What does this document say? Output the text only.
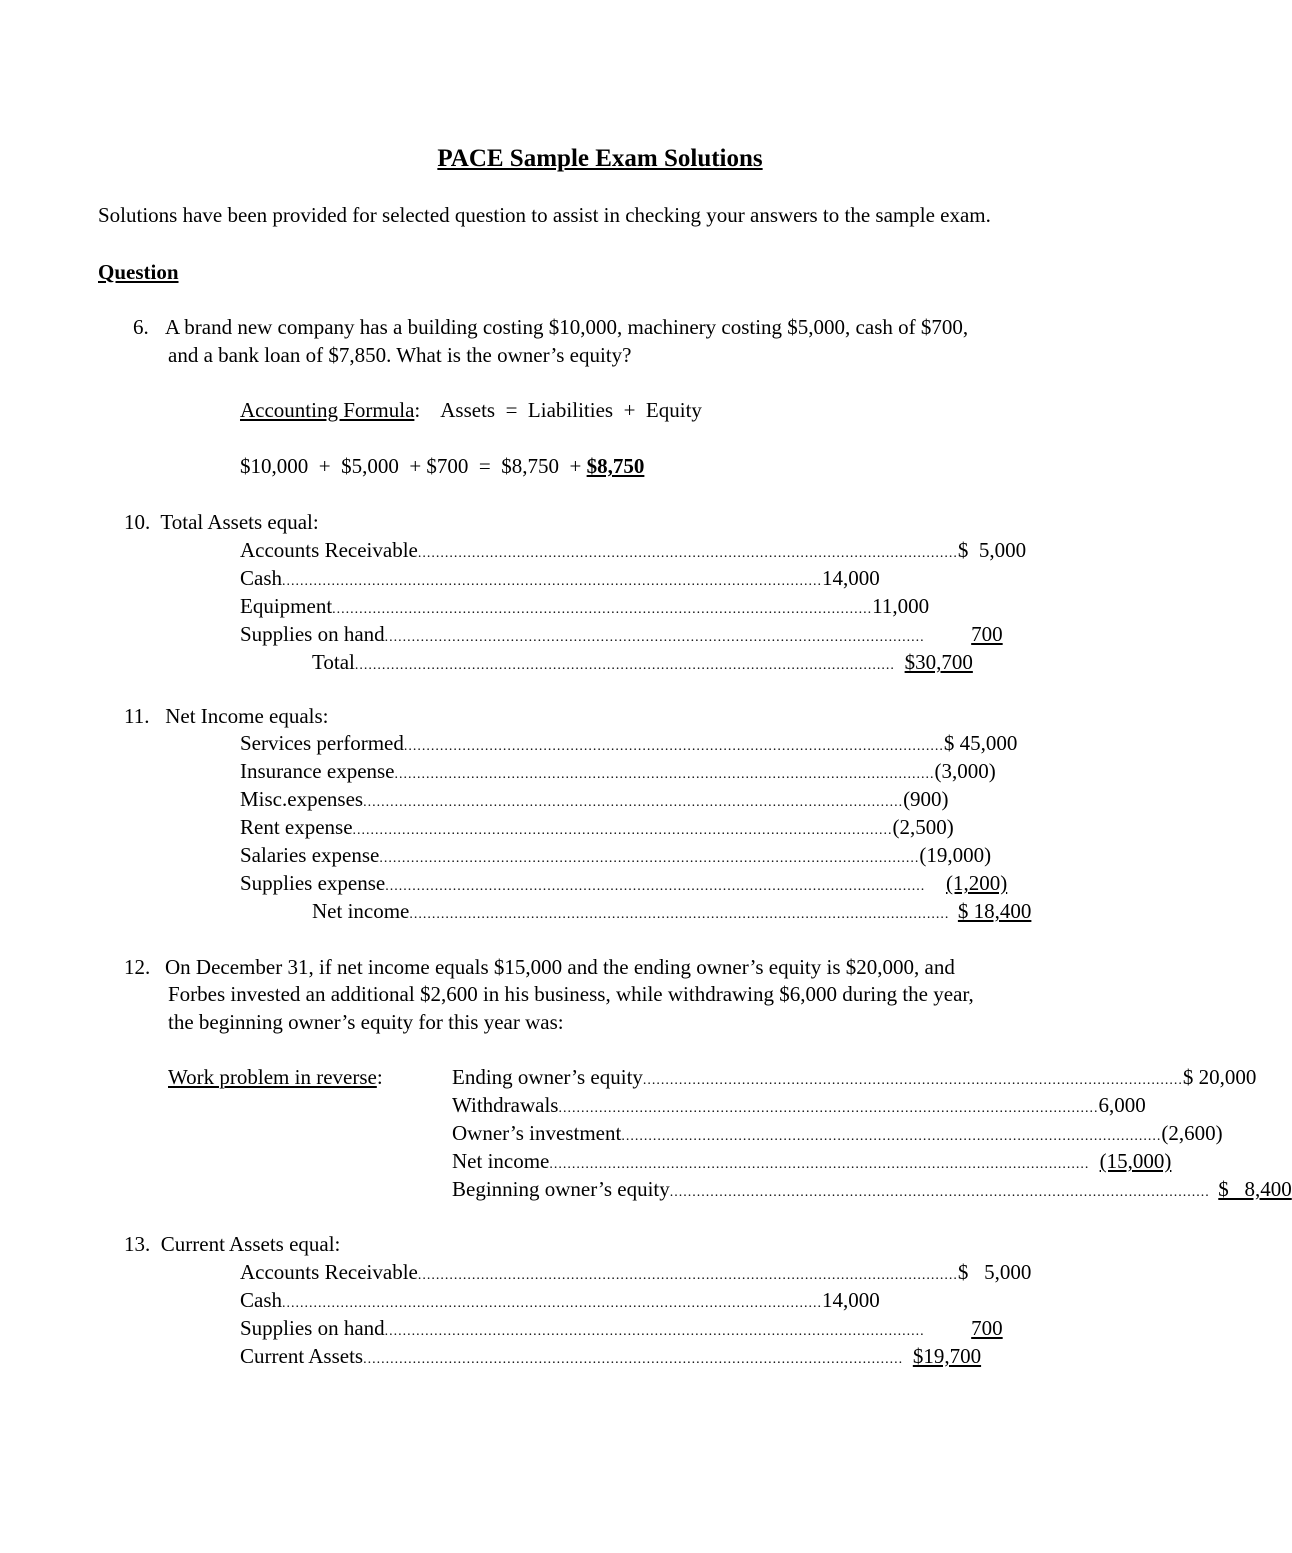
PACE Sample Exam Solutions
Solutions have been provided for selected question to assist in checking your answers to the sample exam.
Question
6. A brand new company has a building costing $10,000, machinery costing $5,000, cash of $700,
and a bank loan of $7,850. What is the owner’s equity?
Accounting Formula: Assets  =  Liabilities  +  Equity
$10,000  +  $5,000  + $700  =  $8,750  + $8,750
10.  Total Assets equal:
Accounts Receivable ........................................................................................................................ $  5,000
Cash ........................................................................................................................ 14,000
Equipment ........................................................................................................................ 11,000
Supplies on hand ........................................................................................................................	700
Total ........................................................................................................................ $30,700
11.   Net Income equals:
Services performed ........................................................................................................................ $ 45,000
Insurance expense ........................................................................................................................ (3,000)
Misc.expenses ........................................................................................................................ (900)
Rent expense ........................................................................................................................ (2,500)
Salaries expense ........................................................................................................................ (19,000)
Supplies expense ........................................................................................................................ (1,200)
Net income ........................................................................................................................ $ 18,400
12. On December 31, if net income equals $15,000 and the ending owner’s equity is $20,000, and
Forbes invested an additional $2,600 in his business, while withdrawing $6,000 during the year,
the beginning owner’s equity for this year was:
Work problem in reverse:	Ending owner’s equity ........................................................................................................................ $ 20,000
Withdrawals ........................................................................................................................ 6,000
Owner’s investment ........................................................................................................................ (2,600)
Net income ........................................................................................................................ (15,000)
Beginning owner’s equity ........................................................................................................................ $   8,400
13.  Current Assets equal:
Accounts Receivable ........................................................................................................................ $   5,000
Cash ........................................................................................................................ 14,000
Supplies on hand ........................................................................................................................	700
Current Assets ........................................................................................................................ $19,700
